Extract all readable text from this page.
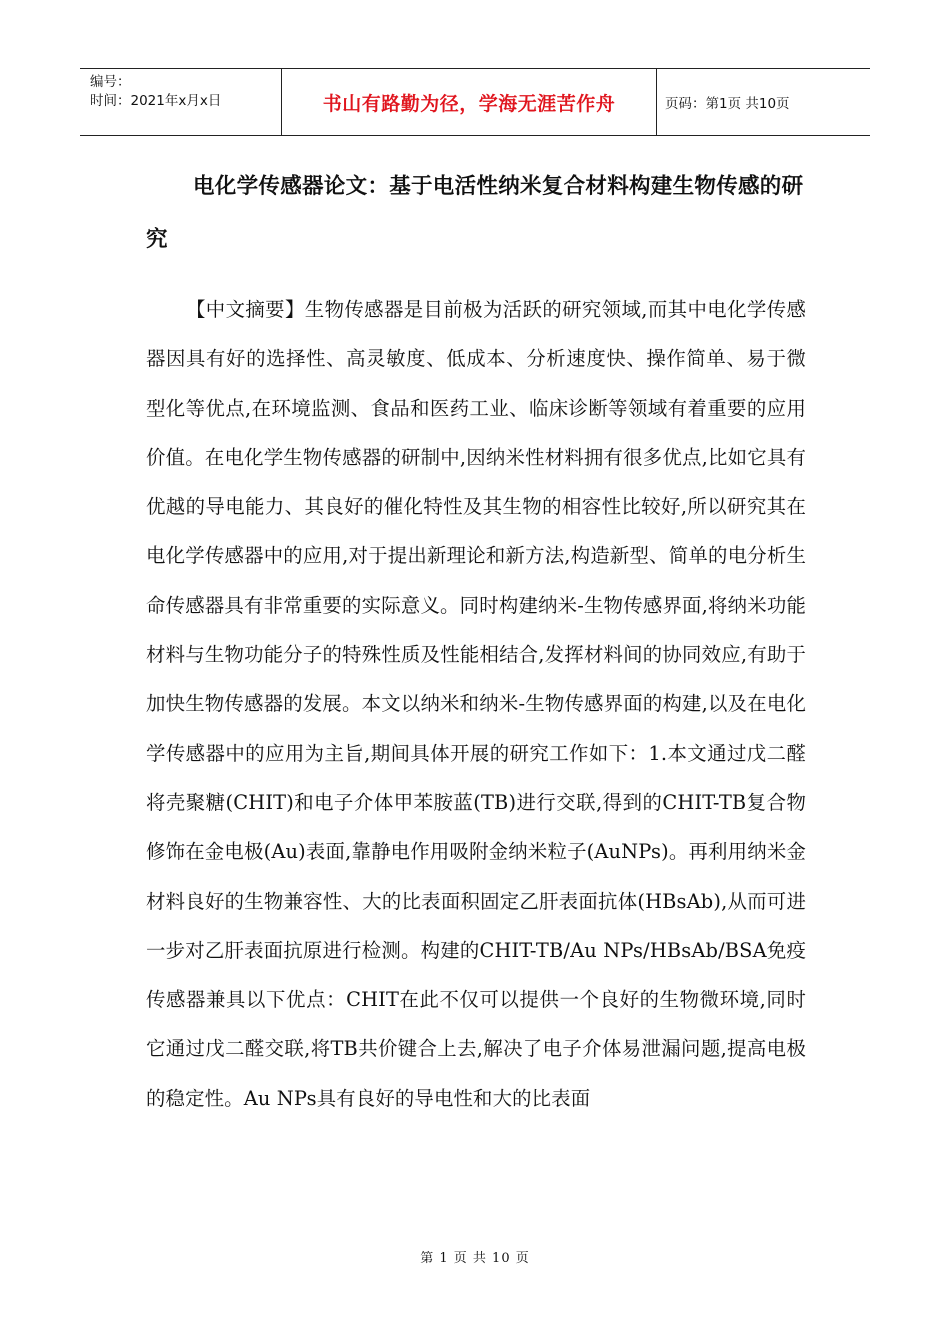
编号：
时间：2021年x月x日	书山有路勤为径，学海无涯苦作舟	页码：第1页 共10页
电化学传感器论文：基于电活性纳米复合材料构建生物传感的研究

【中文摘要】生物传感器是目前极为活跃的研究领域,而其中电化学传感器因具有好的选择性、高灵敏度、低成本、分析速度快、操作简单、易于微型化等优点,在环境监测、食品和医药工业、临床诊断等领域有着重要的应用价值。在电化学生物传感器的研制中,因纳米性材料拥有很多优点,比如它具有优越的导电能力、其良好的催化特性及其生物的相容性比较好,所以研究其在电化学传感器中的应用,对于提出新理论和新方法,构造新型、简单的电分析生命传感器具有非常重要的实际意义。同时构建纳米-生物传感界面,将纳米功能材料与生物功能分子的特殊性质及性能相结合,发挥材料间的协同效应,有助于加快生物传感器的发展。本文以纳米和纳米-生物传感界面的构建,以及在电化学传感器中的应用为主旨,期间具体开展的研究工作如下：1.本文通过戊二醛将壳聚糖(CHIT)和电子介体甲苯胺蓝(TB)进行交联,得到的CHIT-TB复合物修饰在金电极(Au)表面,靠静电作用吸附金纳米粒子(AuNPs)。再利用纳米金材料良好的生物兼容性、大的比表面积固定乙肝表面抗体(HBsAb),从而可进一步对乙肝表面抗原进行检测。构建的CHIT-TB/Au NPs/HBsAb/BSA免疫传感器兼具以下优点：CHIT在此不仅可以提供一个良好的生物微环境,同时它通过戊二醛交联,将TB共价键合上去,解决了电子介体易泄漏问题,提高电极的稳定性。Au NPs具有良好的导电性和大的比表面

第 1 页 共 10 页
